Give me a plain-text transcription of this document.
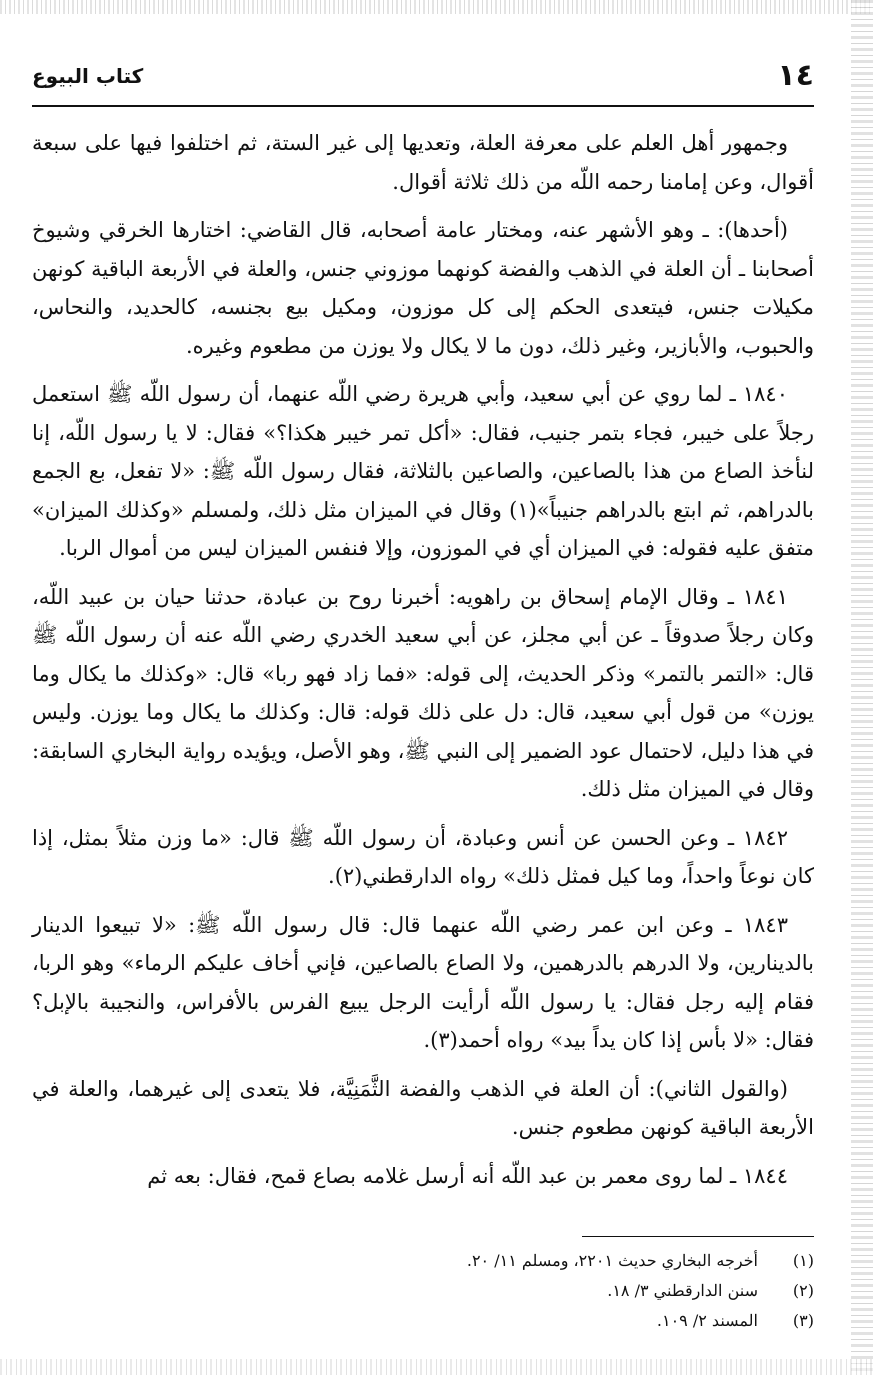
١٤
كتاب البيوع

وجمهور أهل العلم على معرفة العلة، وتعديها إلى غير الستة، ثم اختلفوا فيها على سبعة أقوال، وعن إمامنا رحمه اللّه من ذلك ثلاثة أقوال.

(أحدها): ـ وهو الأشهر عنه، ومختار عامة أصحابه، قال القاضي: اختارها الخرقي وشيوخ أصحابنا ـ أن العلة في الذهب والفضة كونهما موزوني جنس، والعلة في الأربعة الباقية كونهن مكيلات جنس، فيتعدى الحكم إلى كل موزون، ومكيل بيع بجنسه، كالحديد، والنحاس، والحبوب، والأبازير، وغير ذلك، دون ما لا يكال ولا يوزن من مطعوم وغيره.

١٨٤٠ ـ لما روي عن أبي سعيد، وأبي هريرة رضي اللّه عنهما، أن رسول اللّه ﷺ استعمل رجلاً على خيبر، فجاء بتمر جنيب، فقال: «أكل تمر خيبر هكذا؟» فقال: لا يا رسول اللّه، إنا لنأخذ الصاع من هذا بالصاعين، والصاعين بالثلاثة، فقال رسول اللّه ﷺ: «لا تفعل، بع الجمع بالدراهم، ثم ابتع بالدراهم جنيباً»(١) وقال في الميزان مثل ذلك، ولمسلم «وكذلك الميزان» متفق عليه فقوله: في الميزان أي في الموزون، وإلا فنفس الميزان ليس من أموال الربا.

١٨٤١ ـ وقال الإمام إسحاق بن راهويه: أخبرنا روح بن عبادة، حدثنا حيان بن عبيد اللّه، وكان رجلاً صدوقاً ـ عن أبي مجلز، عن أبي سعيد الخدري رضي اللّه عنه أن رسول اللّه ﷺ قال: «التمر بالتمر» وذكر الحديث، إلى قوله: «فما زاد فهو ربا» قال: «وكذلك ما يكال وما يوزن» من قول أبي سعيد، قال: دل على ذلك قوله: قال: وكذلك ما يكال وما يوزن. وليس في هذا دليل، لاحتمال عود الضمير إلى النبي ﷺ، وهو الأصل، ويؤيده رواية البخاري السابقة: وقال في الميزان مثل ذلك.

١٨٤٢ ـ وعن الحسن عن أنس وعبادة، أن رسول اللّه ﷺ قال: «ما وزن مثلاً بمثل، إذا كان نوعاً واحداً، وما كيل فمثل ذلك» رواه الدارقطني(٢).

١٨٤٣ ـ وعن ابن عمر رضي اللّه عنهما قال: قال رسول اللّه ﷺ: «لا تبيعوا الدينار بالدينارين، ولا الدرهم بالدرهمين، ولا الصاع بالصاعين، فإني أخاف عليكم الرماء» وهو الربا، فقام إليه رجل فقال: يا رسول اللّه أرأيت الرجل يبيع الفرس بالأفراس، والنجيبة بالإبل؟ فقال: «لا بأس إذا كان يداً بيد» رواه أحمد(٣).

(والقول الثاني): أن العلة في الذهب والفضة الثَّمَنِيَّة، فلا يتعدى إلى غيرهما، والعلة في الأربعة الباقية كونهن مطعوم جنس.

١٨٤٤ ـ لما روى معمر بن عبد اللّه أنه أرسل غلامه بصاع قمح، فقال: بعه ثم

(١)
أخرجه البخاري حديث ٢٢٠١، ومسلم ١١/ ٢٠.
(٢)
سنن الدارقطني ٣/ ١٨.
(٣)
المسند ٢/ ١٠٩.
